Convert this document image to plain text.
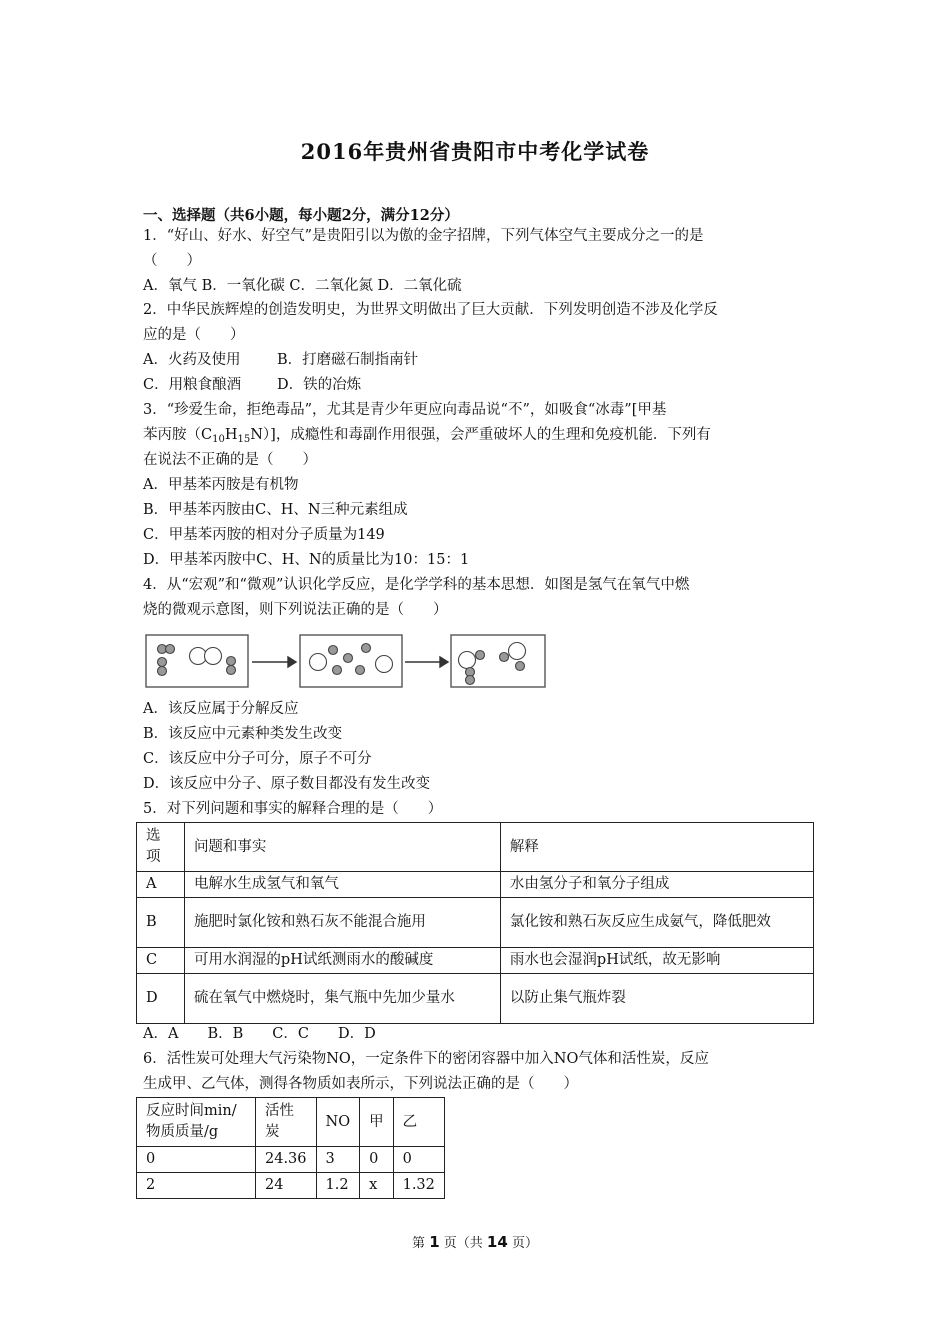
2016年贵州省贵阳市中考化学试卷
一、选择题（共6小题，每小题2分，满分12分）
1．“好山、好水、好空气”是贵阳引以为傲的金字招牌，下列气体空气主要成分之一的是
（　　）
A．氧气 B．一氧化碳 C．二氧化氮 D．二氧化硫
2．中华民族辉煌的创造发明史，为世界文明做出了巨大贡献．下列发明创造不涉及化学反
应的是（　　）
A．火药及使用	B．打磨磁石制指南针
C．用粮食酿酒 D．铁的冶炼
3．“珍爱生命，拒绝毒品”，尤其是青少年更应向毒品说“不”，如吸食“冰毒”[甲基
苯丙胺$(C_{10}H_{15}N)$]，成瘾性和毒副作用很强，会严重破坏人的生理和免疫机能．下列有
在说法不正确的是（　　）
A．甲基苯丙胺是有机物
B．甲基苯丙胺由C、H、N三种元素组成
C．甲基苯丙胺的相对分子质量为149
D．甲基苯丙胺中C、H、N的质量比为10：15：1
4．从“宏观”和“微观”认识化学反应，是化学学科的基本思想．如图是氢气在氧气中燃
烧的微观示意图，则下列说法正确的是（　　）
A．该反应属于分解反应
B．该反应中元素种类发生改变
C．该反应中分子可分，原子不可分
D．该反应中分子、原子数目都没有发生改变
5．对下列问题和事实的解释合理的是（　　）
选项	问题和事实	解释
A	电解水生成氢气和氧气	水由氢分子和氧分子组成
B	施肥时氯化铵和熟石灰不能混合施用	氯化铵和熟石灰反应生成氨气，降低肥效
C	可用水润湿的pH试纸测雨水的酸碱度	雨水也会湿润pH试纸，故无影响
D	硫在氧气中燃烧时，集气瓶中先加少量水	以防止集气瓶炸裂
A．A　　B．B　　C．C　　D．D
6．活性炭可处理大气污染物NO，一定条件下的密闭容器中加入NO气体和活性炭，反应
生成甲、乙气体，测得各物质如表所示，下列说法正确的是（　　）
反应时间min/物质质量/g	活性炭	NO	甲	乙
0	24.36	3	0	0
2	24	1.2	x	1.32
第 1 页（共 14 页）
